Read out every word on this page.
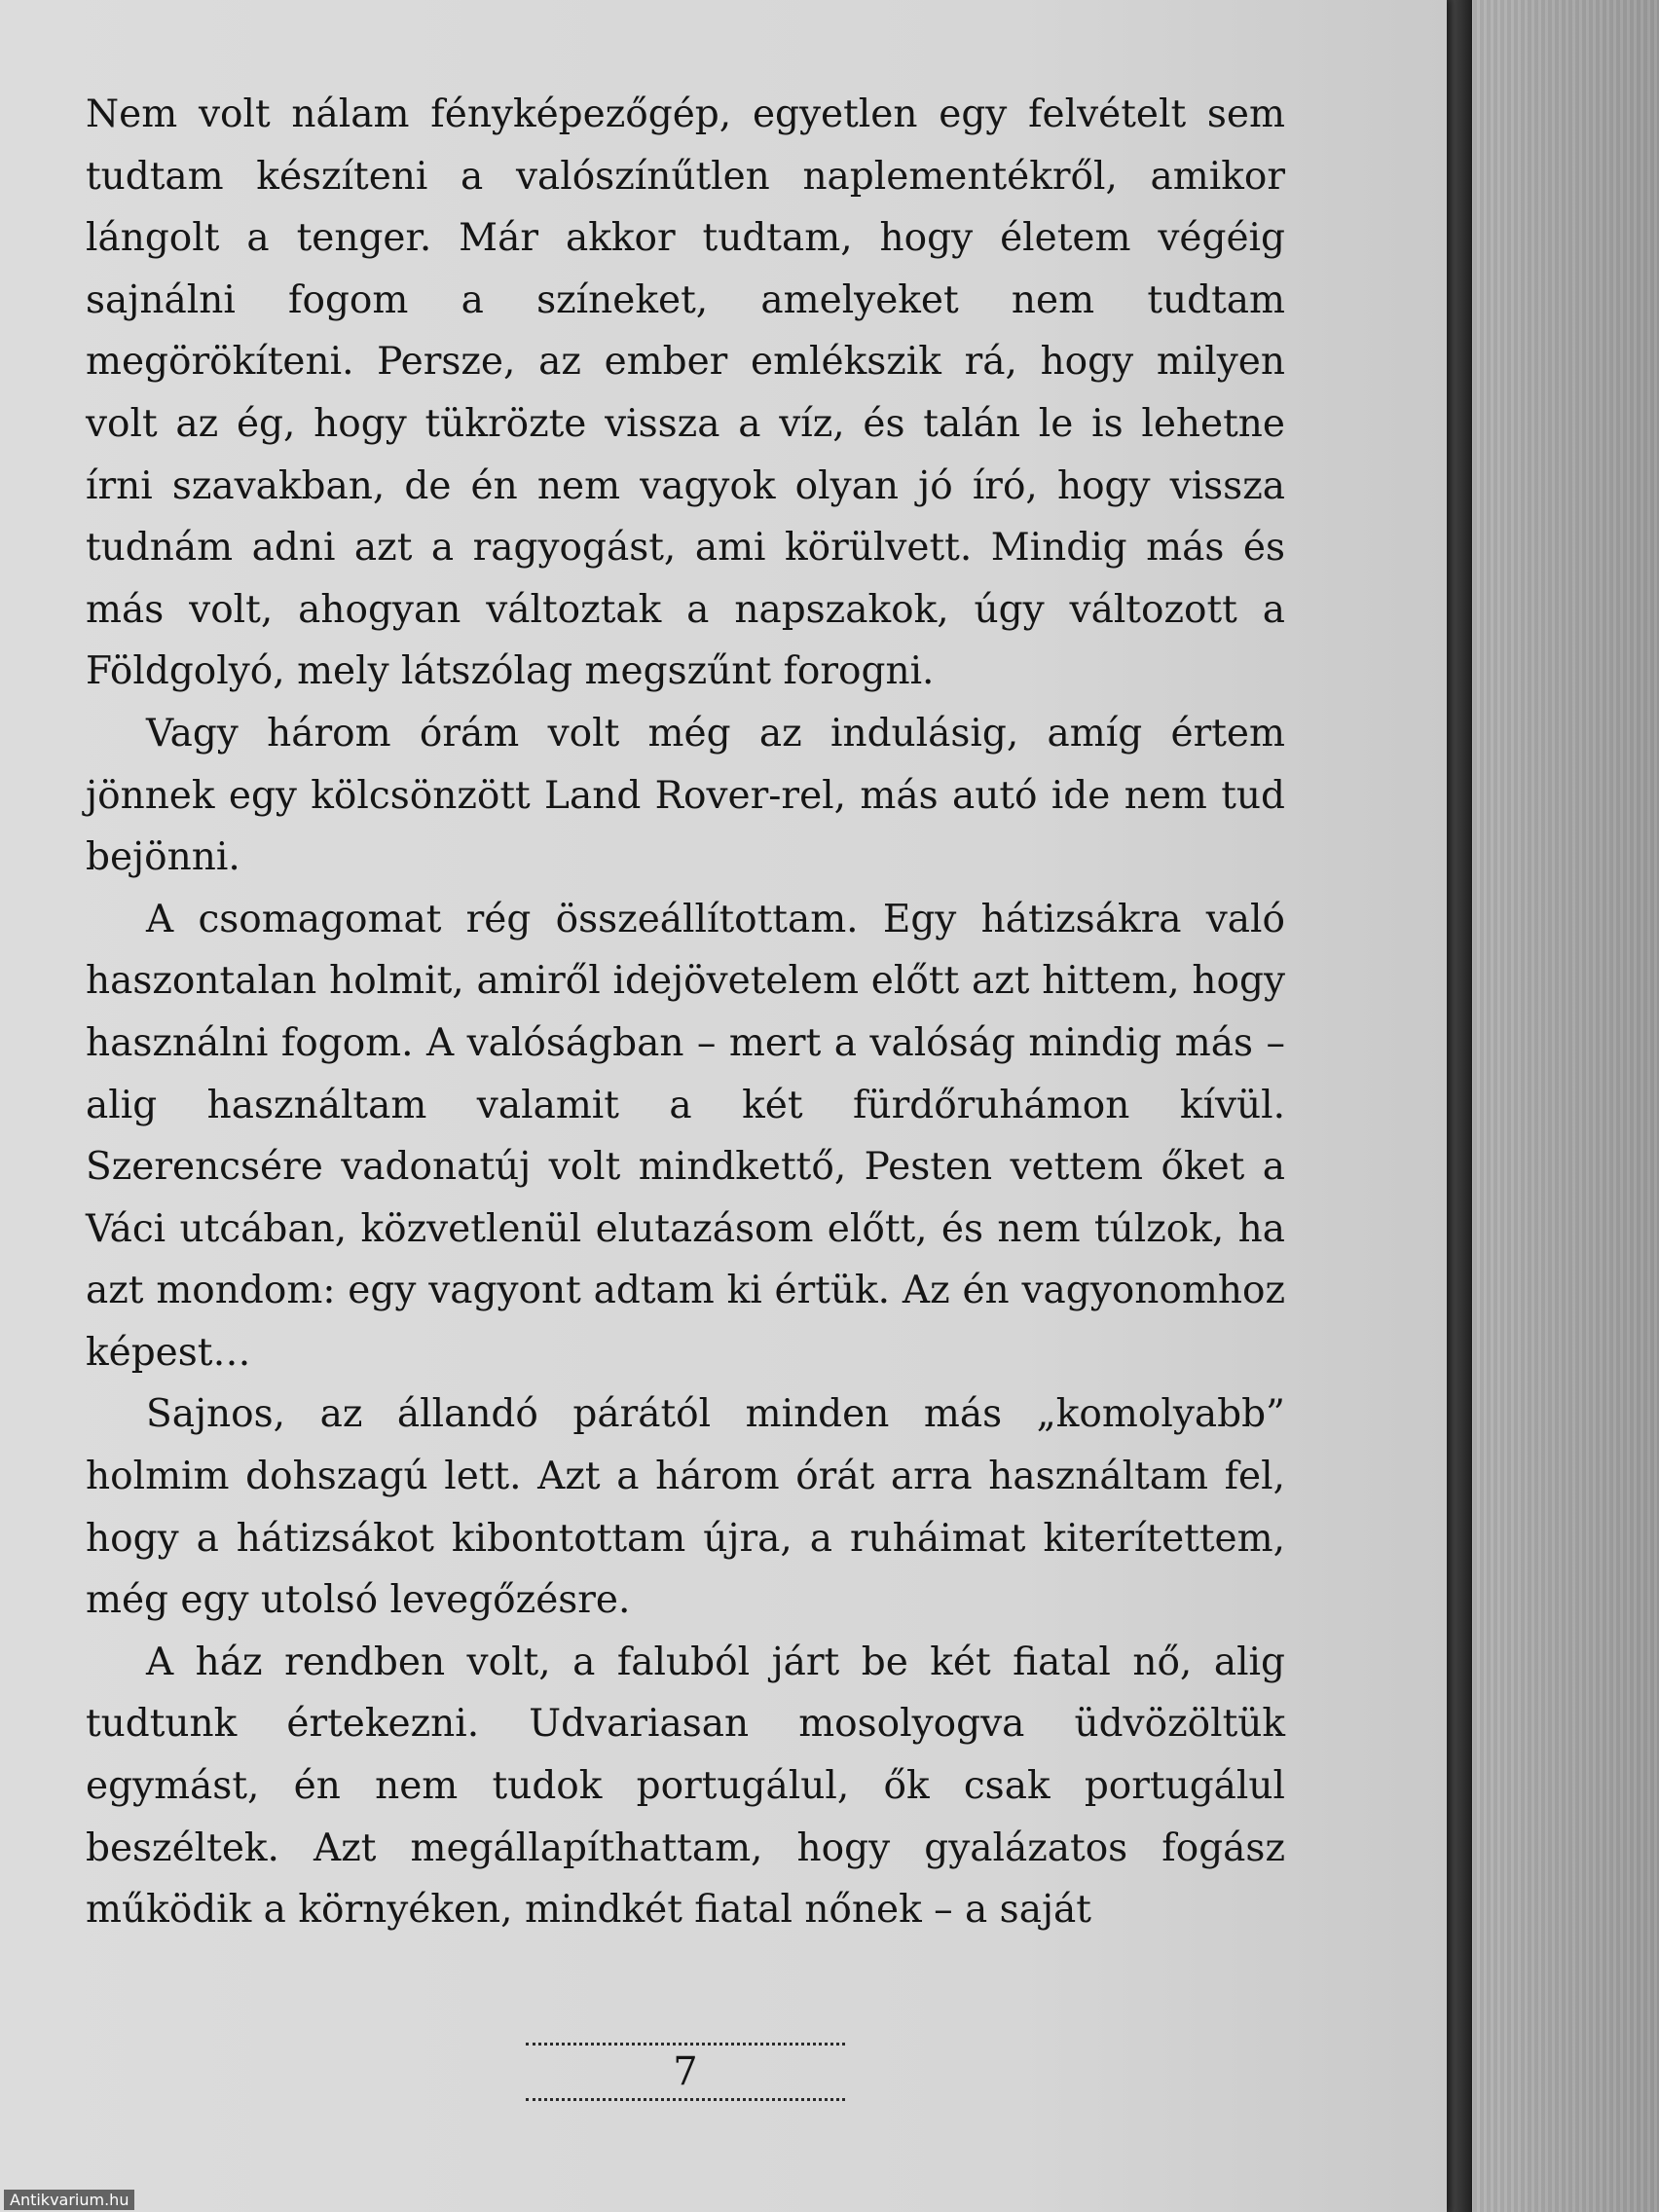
Nem volt nálam fényképezőgép, egyetlen egy felvételt sem tudtam készíteni a valószínűtlen naplementékről, amikor lángolt a tenger. Már akkor tudtam, hogy életem végéig sajnálni fogom a színeket, amelyeket nem tudtam megörökíteni. Persze, az ember emlékszik rá, hogy milyen volt az ég, hogy tükrözte vissza a víz, és talán le is lehetne írni szavakban, de én nem vagyok olyan jó író, hogy vissza tudnám adni azt a ragyogást, ami körülvett. Mindig más és más volt, ahogyan változtak a napszakok, úgy változott a Földgolyó, mely látszólag megszűnt forogni.

Vagy három órám volt még az indulásig, amíg értem jönnek egy kölcsönzött Land Rover-rel, más autó ide nem tud bejönni.

A csomagomat rég összeállítottam. Egy hátizsákra való haszontalan holmit, amiről idejövetelem előtt azt hittem, hogy használni fogom. A valóságban – mert a valóság mindig más – alig használtam valamit a két fürdőruhámon kívül. Szerencsére vadonatúj volt mindkettő, Pesten vettem őket a Váci utcában, közvetlenül elutazásom előtt, és nem túlzok, ha azt mondom: egy vagyont adtam ki értük. Az én vagyonomhoz képest…

Sajnos, az állandó párától minden más „komolyabb” holmim dohszagú lett. Azt a három órát arra használtam fel, hogy a hátizsákot kibontottam újra, a ruháimat kiterítettem, még egy utolsó levegőzésre.

A ház rendben volt, a faluból járt be két fiatal nő, alig tudtunk értekezni. Udvariasan mosolyogva üdvözöltük egymást, én nem tudok portugálul, ők csak portugálul beszéltek. Azt megállapíthattam, hogy gyalázatos fogász működik a környéken, mindkét fiatal nőnek – a saját

7
Antikvarium.hu
